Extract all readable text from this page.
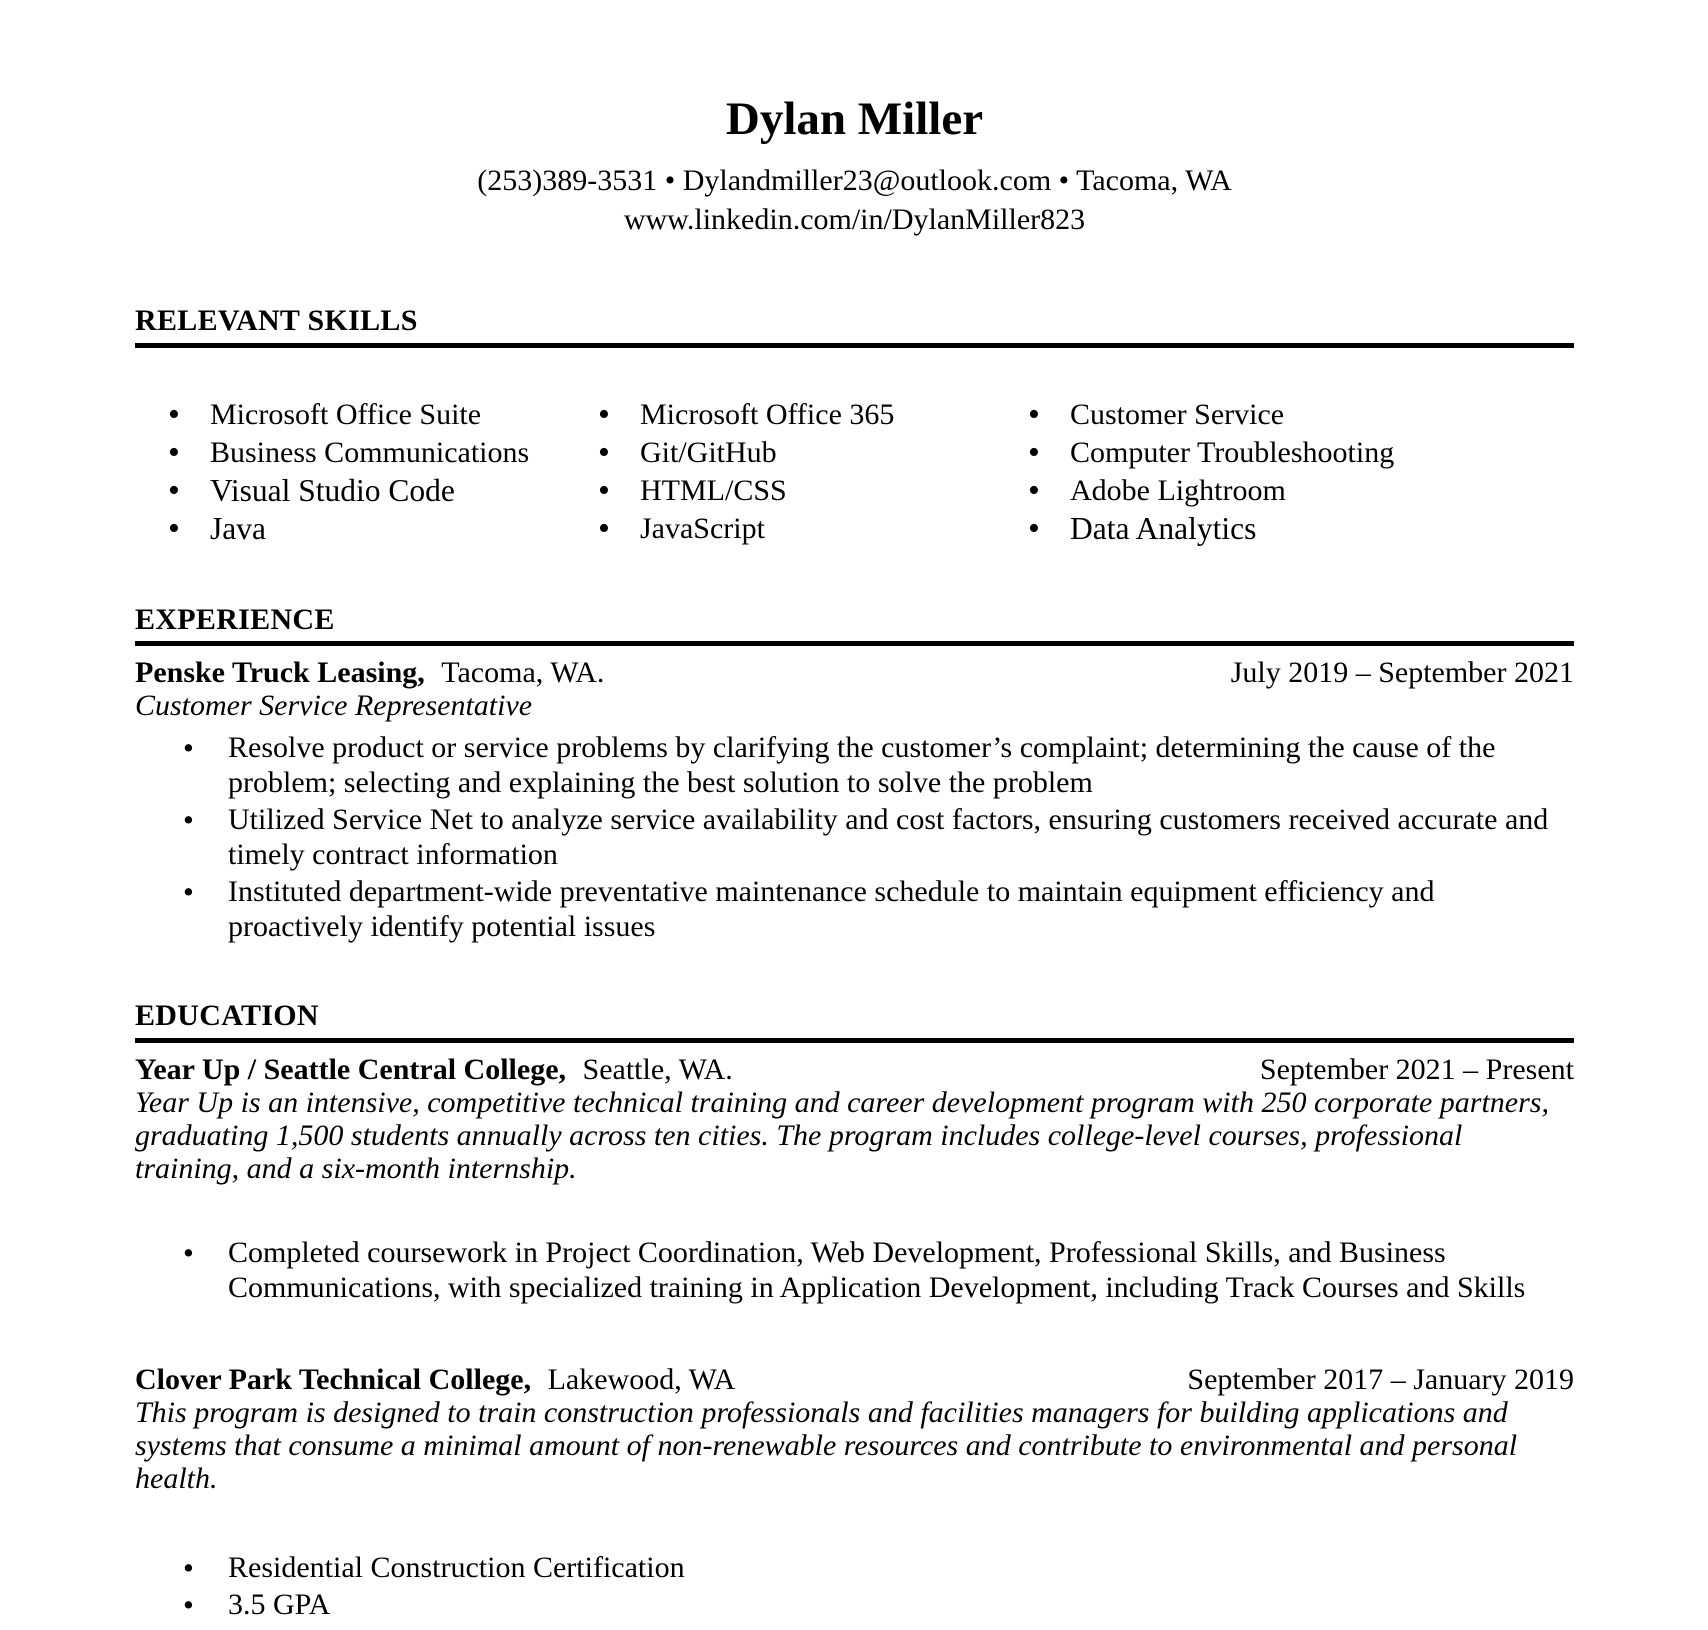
Dylan Miller
(253)389-3531 • Dylandmiller23@outlook.com • Tacoma, WA
www.linkedin.com/in/DylanMiller823
RELEVANT SKILLS
• Microsoft Office Suite
• Business Communications
• Visual Studio Code
• Java
• Microsoft Office 365
• Git/GitHub
• HTML/CSS
• JavaScript
• Customer Service
• Computer Troubleshooting
• Adobe Lightroom
• Data Analytics
EXPERIENCE
Penske Truck Leasing, Tacoma, WA.	July 2019 – September 2021
Customer Service Representative
• Resolve product or service problems by clarifying the customer’s complaint; determining the cause of the problem; selecting and explaining the best solution to solve the problem
• Utilized Service Net to analyze service availability and cost factors, ensuring customers received accurate and timely contract information
• Instituted department-wide preventative maintenance schedule to maintain equipment efficiency and proactively identify potential issues
EDUCATION
Year Up / Seattle Central College, Seattle, WA.	September 2021 – Present
Year Up is an intensive, competitive technical training and career development program with 250 corporate partners, graduating 1,500 students annually across ten cities. The program includes college-level courses, professional training, and a six-month internship.
• Completed coursework in Project Coordination, Web Development, Professional Skills, and Business Communications, with specialized training in Application Development, including Track Courses and Skills
Clover Park Technical College, Lakewood, WA	September 2017 – January 2019
This program is designed to train construction professionals and facilities managers for building applications and systems that consume a minimal amount of non-renewable resources and contribute to environmental and personal health.
• Residential Construction Certification
• 3.5 GPA
